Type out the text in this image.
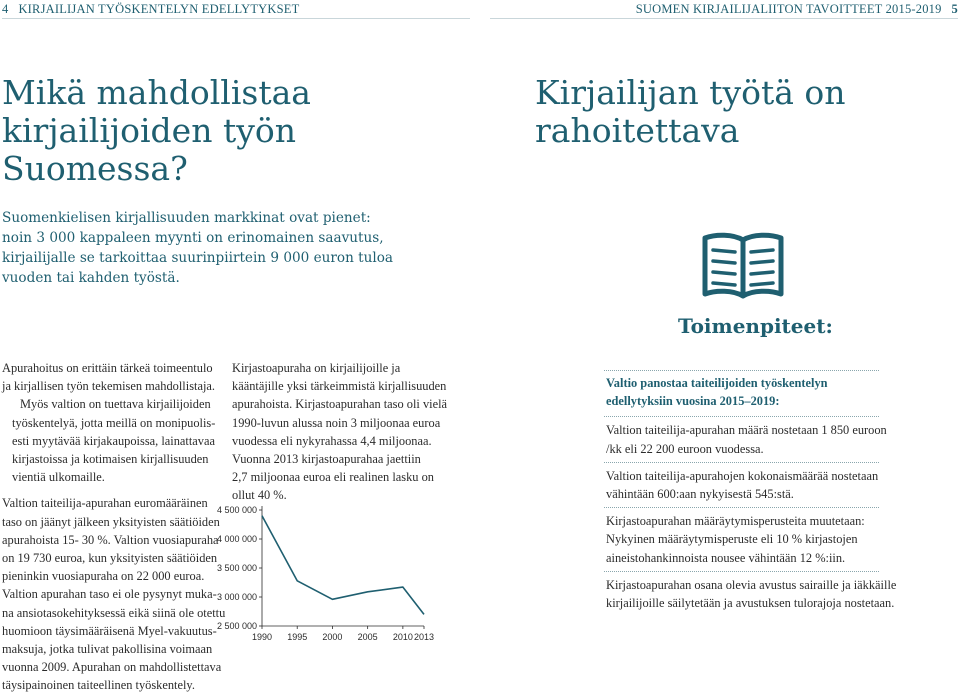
4 KIRJAILIJAN TYÖSKENTELYN EDELLYTYKSET	SUOMEN KIRJAILIJALIITON TAVOITTEET 2015-2019 5
Mikä mahdollistaa
kirjailijoiden työn
Suomessa?
Kirjailijan työtä on
rahoitettava
Suomenkielisen kirjallisuuden markkinat ovat pienet:
noin 3 000 kappaleen myynti on erinomainen saavutus,
kirjailijalle se tarkoittaa suurinpiirtein 9 000 euron tuloa
vuoden tai kahden työstä.
Toimenpiteet:

Apurahoitus on erittäin tärkeä toimeentulo
ja kirjallisen työn tekemisen mahdollistaja.

Myös valtion on tuettava kirjailijoiden
työskentelyä, jotta meillä on monipuolis-
esti myytävää kirjakaupoissa, lainattavaa
kirjastoissa ja kotimaisen kirjallisuuden
vientiä ulkomaille.

Valtion taiteilija-apurahan euromääräinen
taso on jäänyt jälkeen yksityisten säätiöiden
apurahoista 15- 30 %. Valtion vuosiapuraha
on 19 730 euroa, kun yksityisten säätiöiden
pieninkin vuosiapuraha on 22 000 euroa.
Valtion apurahan taso ei ole pysynyt muka-
na ansiotasokehityksessä eikä siinä ole otettu
huomioon täysimääräisenä Myel-vakuutus-
maksuja, jotka tulivat pakollisina voimaan
vuonna 2009. Apurahan on mahdollistettava
täysipainoinen taiteellinen työskentely.

Kirjastoapuraha on kirjailijoille ja
kääntäjille yksi tärkeimmistä kirjallisuuden
apurahoista. Kirjastoapurahan taso oli vielä
1990-luvun alussa noin 3 miljoonaa euroa
vuodessa eli nykyrahassa 4,4 miljoonaa.
Vuonna 2013 kirjastoapurahaa jaettiin
2,7 miljoonaa euroa eli realinen lasku on
ollut 40 %.

4 500 000
4 000 000
3 500 000
3 000 000
2 500 000
1990 1995 2000 2005 2010 2013
Valtio panostaa taiteilijoiden työskentelyn
edellytyksiin vuosina 2015–2019:
Valtion taiteilija-apurahan määrä nostetaan 1 850 euroon
/kk eli 22 200 euroon vuodessa.
Valtion taiteilija-apurahojen kokonaismäärää nostetaan
vähintään 600:aan nykyisestä 545:stä.
Kirjastoapurahan määräytymisperusteita muutetaan:
Nykyinen määräytymisperuste eli 10 % kirjastojen
aineistohankinnoista nousee vähintään 12 %:iin.
Kirjastoapurahan osana olevia avustus sairaille ja iäkkäille
kirjailijoille säilytetään ja avustuksen tulorajoja nostetaan.
